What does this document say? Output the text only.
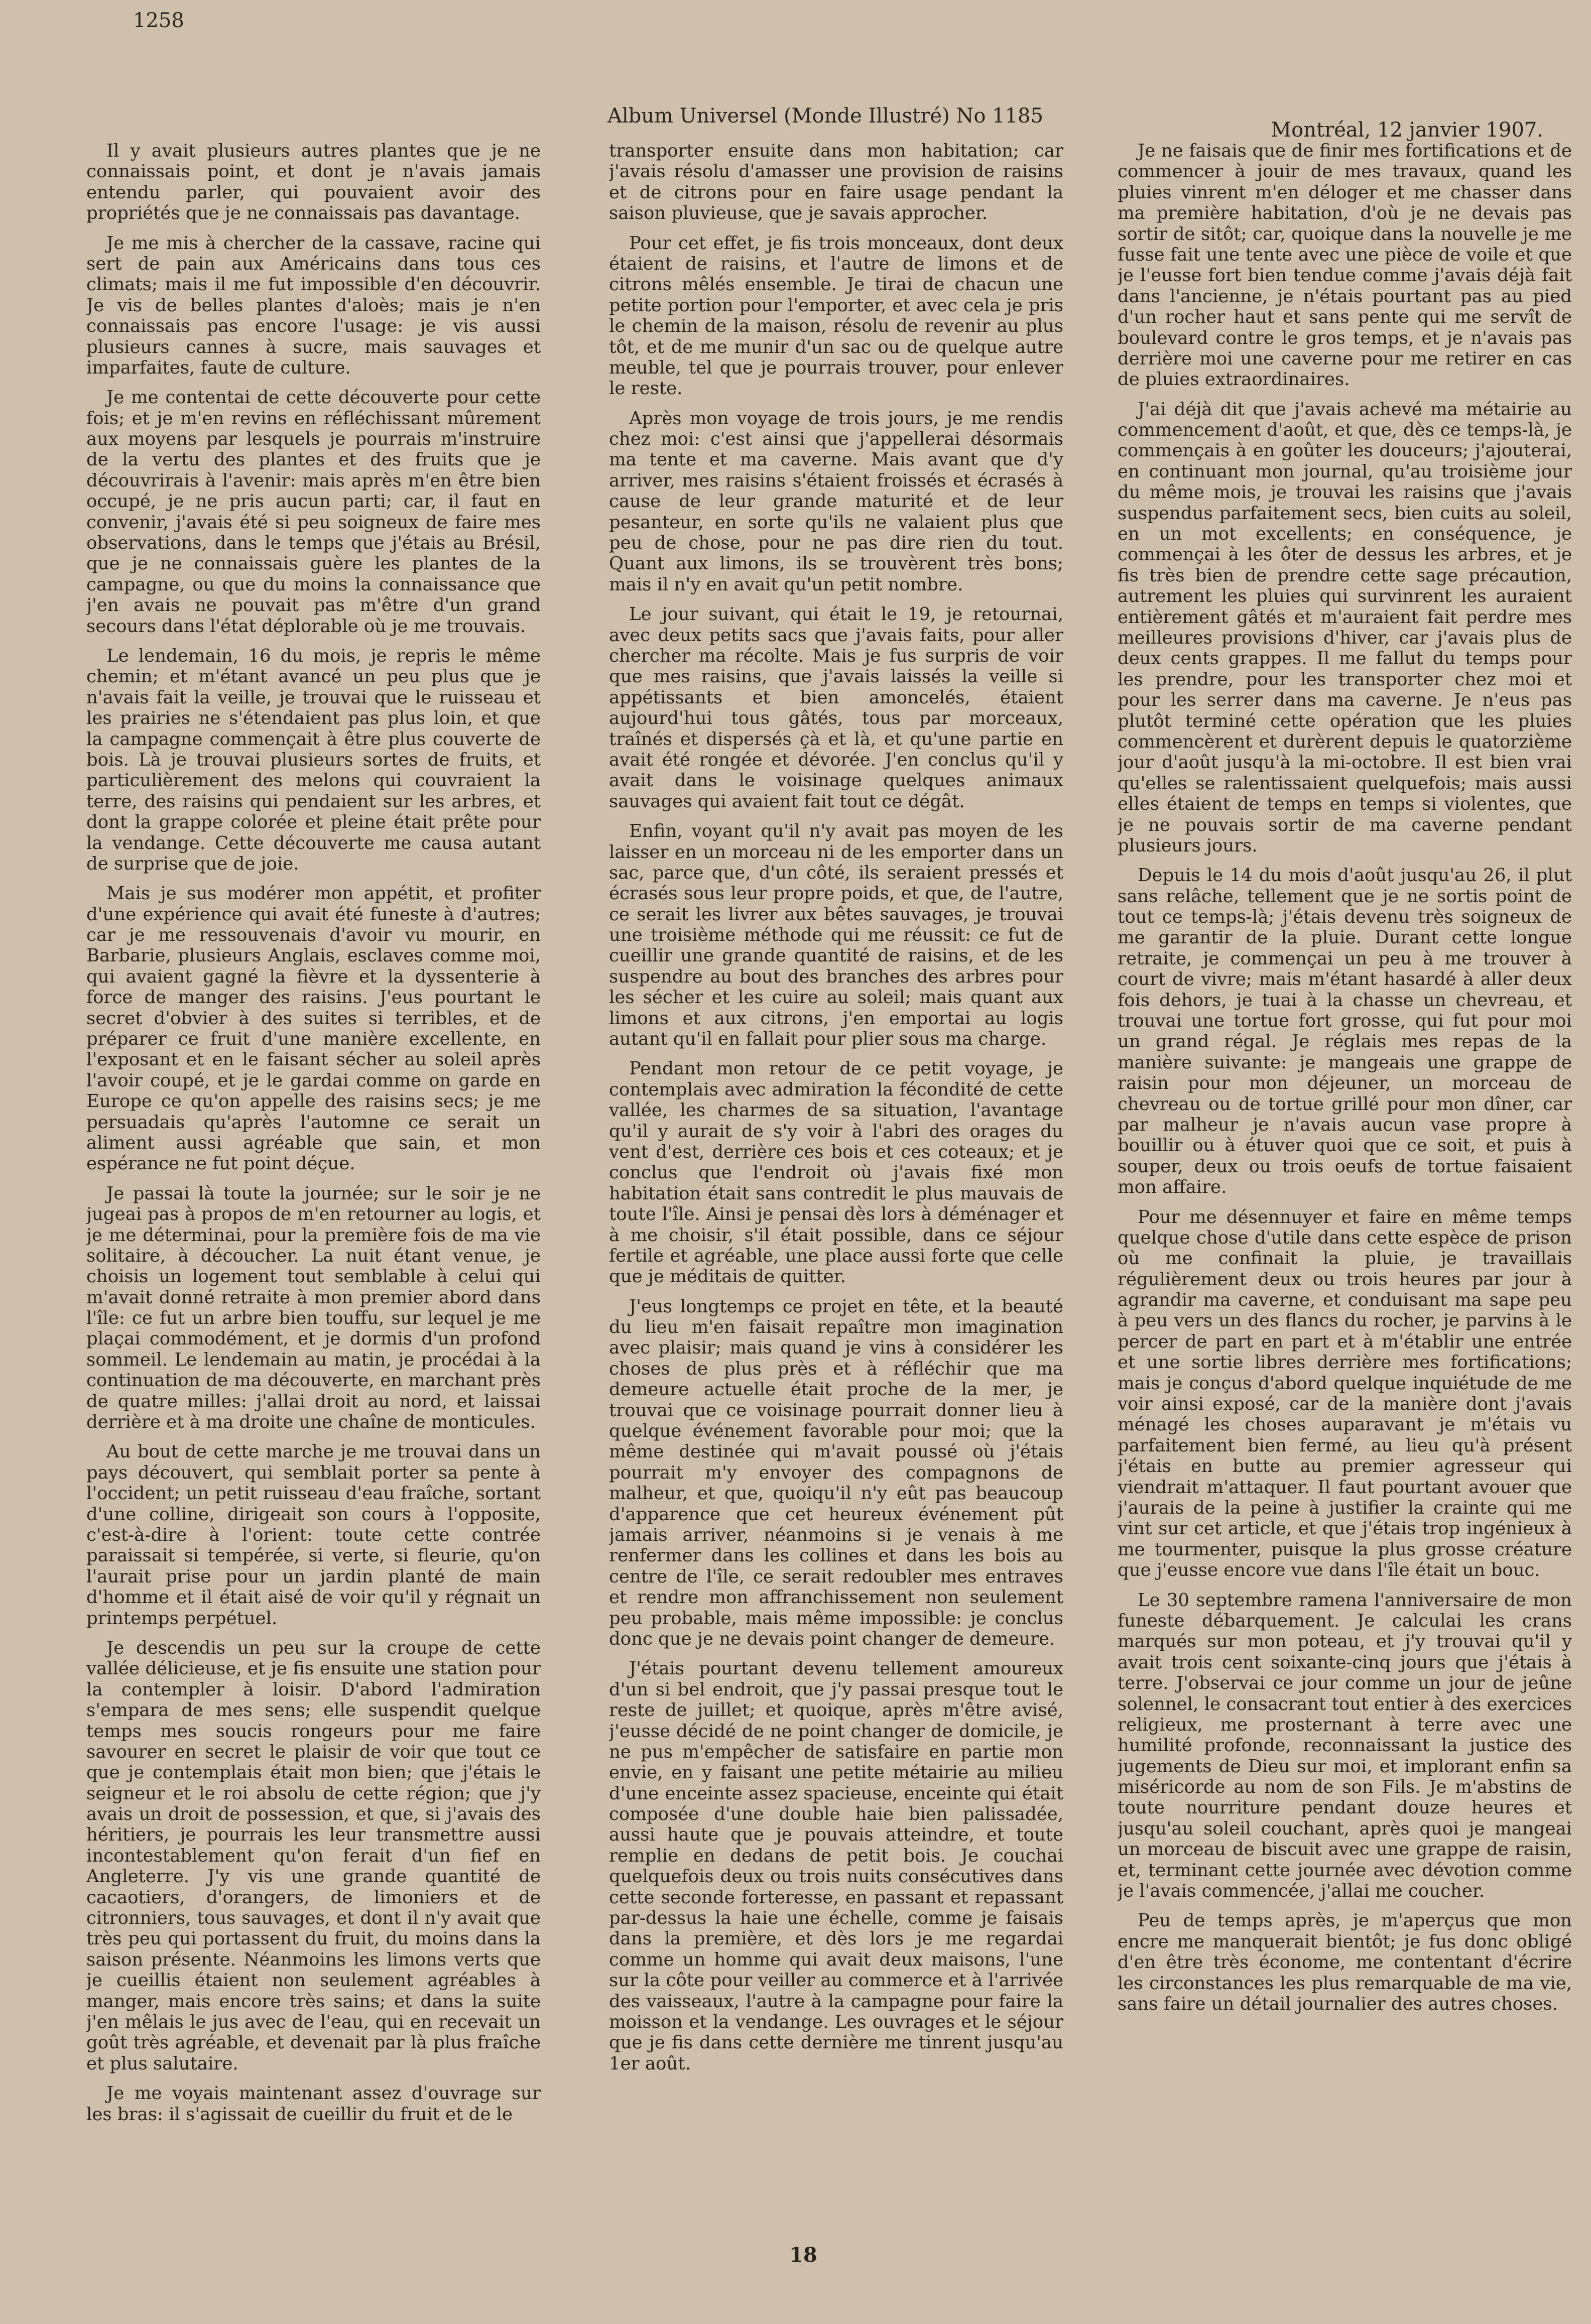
1258
Album Universel (Monde Illustré) No 1185
Montréal, 12 janvier 1907.

Il y avait plusieurs autres plantes que je ne connaissais point, et dont je n'avais jamais entendu parler, qui pouvaient avoir des propriétés que je ne connaissais pas davantage.

Je me mis à chercher de la cassave, racine qui sert de pain aux Américains dans tous ces climats; mais il me fut impossible d'en découvrir. Je vis de belles plantes d'aloès; mais je n'en connaissais pas encore l'usage: je vis aussi plusieurs cannes à sucre, mais sauvages et imparfaites, faute de culture.

Je me contentai de cette découverte pour cette fois; et je m'en revins en réfléchissant mûrement aux moyens par lesquels je pourrais m'instruire de la vertu des plantes et des fruits que je découvrirais à l'avenir: mais après m'en être bien occupé, je ne pris aucun parti; car, il faut en convenir, j'avais été si peu soigneux de faire mes observations, dans le temps que j'étais au Brésil, que je ne connaissais guère les plantes de la campagne, ou que du moins la connaissance que j'en avais ne pouvait pas m'être d'un grand secours dans l'état déplorable où je me trouvais.

Le lendemain, 16 du mois, je repris le même chemin; et m'étant avancé un peu plus que je n'avais fait la veille, je trouvai que le ruisseau et les prairies ne s'étendaient pas plus loin, et que la campagne commençait à être plus couverte de bois. Là je trouvai plusieurs sortes de fruits, et particulièrement des melons qui couvraient la terre, des raisins qui pendaient sur les arbres, et dont la grappe colorée et pleine était prête pour la vendange. Cette découverte me causa autant de surprise que de joie.

Mais je sus modérer mon appétit, et profiter d'une expérience qui avait été funeste à d'autres; car je me ressouvenais d'avoir vu mourir, en Barbarie, plusieurs Anglais, esclaves comme moi, qui avaient gagné la fièvre et la dyssenterie à force de manger des raisins. J'eus pourtant le secret d'obvier à des suites si terribles, et de préparer ce fruit d'une manière excellente, en l'exposant et en le faisant sécher au soleil après l'avoir coupé, et je le gardai comme on garde en Europe ce qu'on appelle des raisins secs; je me persuadais qu'après l'automne ce serait un aliment aussi agréable que sain, et mon espérance ne fut point déçue.

Je passai là toute la journée; sur le soir je ne jugeai pas à propos de m'en retourner au logis, et je me déterminai, pour la première fois de ma vie solitaire, à découcher. La nuit étant venue, je choisis un logement tout semblable à celui qui m'avait donné retraite à mon premier abord dans l'île: ce fut un arbre bien touffu, sur lequel je me plaçai commodément, et je dormis d'un profond sommeil. Le lendemain au matin, je procédai à la continuation de ma découverte, en marchant près de quatre milles: j'allai droit au nord, et laissai derrière et à ma droite une chaîne de monticules.

Au bout de cette marche je me trouvai dans un pays découvert, qui semblait porter sa pente à l'occident; un petit ruisseau d'eau fraîche, sortant d'une colline, dirigeait son cours à l'opposite, c'est-à-dire à l'orient: toute cette contrée paraissait si tempérée, si verte, si fleurie, qu'on l'aurait prise pour un jardin planté de main d'homme et il était aisé de voir qu'il y régnait un printemps perpétuel.

Je descendis un peu sur la croupe de cette vallée délicieuse, et je fis ensuite une station pour la contempler à loisir. D'abord l'admiration s'empara de mes sens; elle suspendit quelque temps mes soucis rongeurs pour me faire savourer en secret le plaisir de voir que tout ce que je contemplais était mon bien; que j'étais le seigneur et le roi absolu de cette région; que j'y avais un droit de possession, et que, si j'avais des héritiers, je pourrais les leur transmettre aussi incontestablement qu'on ferait d'un fief en Angleterre. J'y vis une grande quantité de cacaotiers, d'orangers, de limoniers et de citronniers, tous sauvages, et dont il n'y avait que très peu qui portassent du fruit, du moins dans la saison présente. Néanmoins les limons verts que je cueillis étaient non seulement agréables à manger, mais encore très sains; et dans la suite j'en mêlais le jus avec de l'eau, qui en recevait un goût très agréable, et devenait par là plus fraîche et plus salutaire.

Je me voyais maintenant assez d'ouvrage sur les bras: il s'agissait de cueillir du fruit et de le

transporter ensuite dans mon habitation; car j'avais résolu d'amasser une provision de raisins et de citrons pour en faire usage pendant la saison pluvieuse, que je savais approcher.

Pour cet effet, je fis trois monceaux, dont deux étaient de raisins, et l'autre de limons et de citrons mêlés ensemble. Je tirai de chacun une petite portion pour l'emporter, et avec cela je pris le chemin de la maison, résolu de revenir au plus tôt, et de me munir d'un sac ou de quelque autre meuble, tel que je pourrais trouver, pour enlever le reste.

Après mon voyage de trois jours, je me rendis chez moi: c'est ainsi que j'appellerai désormais ma tente et ma caverne. Mais avant que d'y arriver, mes raisins s'étaient froissés et écrasés à cause de leur grande maturité et de leur pesanteur, en sorte qu'ils ne valaient plus que peu de chose, pour ne pas dire rien du tout. Quant aux limons, ils se trouvèrent très bons; mais il n'y en avait qu'un petit nombre.

Le jour suivant, qui était le 19, je retournai, avec deux petits sacs que j'avais faits, pour aller chercher ma récolte. Mais je fus surpris de voir que mes raisins, que j'avais laissés la veille si appétissants et bien amoncelés, étaient aujourd'hui tous gâtés, tous par morceaux, traînés et dispersés çà et là, et qu'une partie en avait été rongée et dévorée. J'en conclus qu'il y avait dans le voisinage quelques animaux sauvages qui avaient fait tout ce dégât.

Enfin, voyant qu'il n'y avait pas moyen de les laisser en un morceau ni de les emporter dans un sac, parce que, d'un côté, ils seraient pressés et écrasés sous leur propre poids, et que, de l'autre, ce serait les livrer aux bêtes sauvages, je trouvai une troisième méthode qui me réussit: ce fut de cueillir une grande quantité de raisins, et de les suspendre au bout des branches des arbres pour les sécher et les cuire au soleil; mais quant aux limons et aux citrons, j'en emportai au logis autant qu'il en fallait pour plier sous ma charge.

Pendant mon retour de ce petit voyage, je contemplais avec admiration la fécondité de cette vallée, les charmes de sa situation, l'avantage qu'il y aurait de s'y voir à l'abri des orages du vent d'est, derrière ces bois et ces coteaux; et je conclus que l'endroit où j'avais fixé mon habitation était sans contredit le plus mauvais de toute l'île. Ainsi je pensai dès lors à déménager et à me choisir, s'il était possible, dans ce séjour fertile et agréable, une place aussi forte que celle que je méditais de quitter.

J'eus longtemps ce projet en tête, et la beauté du lieu m'en faisait repaître mon imagination avec plaisir; mais quand je vins à considérer les choses de plus près et à réfléchir que ma demeure actuelle était proche de la mer, je trouvai que ce voisinage pourrait donner lieu à quelque événement favorable pour moi; que la même destinée qui m'avait poussé où j'étais pourrait m'y envoyer des compagnons de malheur, et que, quoiqu'il n'y eût pas beaucoup d'apparence que cet heureux événement pût jamais arriver, néanmoins si je venais à me renfermer dans les collines et dans les bois au centre de l'île, ce serait redoubler mes entraves et rendre mon affranchissement non seulement peu probable, mais même impossible: je conclus donc que je ne devais point changer de demeure.

J'étais pourtant devenu tellement amoureux d'un si bel endroit, que j'y passai presque tout le reste de juillet; et quoique, après m'être avisé, j'eusse décidé de ne point changer de domicile, je ne pus m'empêcher de satisfaire en partie mon envie, en y faisant une petite métairie au milieu d'une enceinte assez spacieuse, enceinte qui était composée d'une double haie bien palissadée, aussi haute que je pouvais atteindre, et toute remplie en dedans de petit bois. Je couchai quelquefois deux ou trois nuits consécutives dans cette seconde forteresse, en passant et repassant par-dessus la haie une échelle, comme je faisais dans la première, et dès lors je me regardai comme un homme qui avait deux maisons, l'une sur la côte pour veiller au commerce et à l'arrivée des vaisseaux, l'autre à la campagne pour faire la moisson et la vendange. Les ouvrages et le séjour que je fis dans cette dernière me tinrent jusqu'au 1er août.

Je ne faisais que de finir mes fortifications et de commencer à jouir de mes travaux, quand les pluies vinrent m'en déloger et me chasser dans ma première habitation, d'où je ne devais pas sortir de sitôt; car, quoique dans la nouvelle je me fusse fait une tente avec une pièce de voile et que je l'eusse fort bien tendue comme j'avais déjà fait dans l'ancienne, je n'étais pourtant pas au pied d'un rocher haut et sans pente qui me servît de boulevard contre le gros temps, et je n'avais pas derrière moi une caverne pour me retirer en cas de pluies extraordinaires.

J'ai déjà dit que j'avais achevé ma métairie au commencement d'août, et que, dès ce temps-là, je commençais à en goûter les douceurs; j'ajouterai, en continuant mon journal, qu'au troisième jour du même mois, je trouvai les raisins que j'avais suspendus parfaitement secs, bien cuits au soleil, en un mot excellents; en conséquence, je commençai à les ôter de dessus les arbres, et je fis très bien de prendre cette sage précaution, autrement les pluies qui survinrent les auraient entièrement gâtés et m'auraient fait perdre mes meilleures provisions d'hiver, car j'avais plus de deux cents grappes. Il me fallut du temps pour les prendre, pour les transporter chez moi et pour les serrer dans ma caverne. Je n'eus pas plutôt terminé cette opération que les pluies commencèrent et durèrent depuis le quatorzième jour d'août jusqu'à la mi-octobre. Il est bien vrai qu'elles se ralentissaient quelquefois; mais aussi elles étaient de temps en temps si violentes, que je ne pouvais sortir de ma caverne pendant plusieurs jours.

Depuis le 14 du mois d'août jusqu'au 26, il plut sans relâche, tellement que je ne sortis point de tout ce temps-là; j'étais devenu très soigneux de me garantir de la pluie. Durant cette longue retraite, je commençai un peu à me trouver à court de vivre; mais m'étant hasardé à aller deux fois dehors, je tuai à la chasse un chevreau, et trouvai une tortue fort grosse, qui fut pour moi un grand régal. Je réglais mes repas de la manière suivante: je mangeais une grappe de raisin pour mon déjeuner, un morceau de chevreau ou de tortue grillé pour mon dîner, car par malheur je n'avais aucun vase propre à bouillir ou à étuver quoi que ce soit, et puis à souper, deux ou trois oeufs de tortue faisaient mon affaire.

Pour me désennuyer et faire en même temps quelque chose d'utile dans cette espèce de prison où me confinait la pluie, je travaillais régulièrement deux ou trois heures par jour à agrandir ma caverne, et conduisant ma sape peu à peu vers un des flancs du rocher, je parvins à le percer de part en part et à m'établir une entrée et une sortie libres derrière mes fortifications; mais je conçus d'abord quelque inquiétude de me voir ainsi exposé, car de la manière dont j'avais ménagé les choses auparavant je m'étais vu parfaitement bien fermé, au lieu qu'à présent j'étais en butte au premier agresseur qui viendrait m'attaquer. Il faut pourtant avouer que j'aurais de la peine à justifier la crainte qui me vint sur cet article, et que j'étais trop ingénieux à me tourmenter, puisque la plus grosse créature que j'eusse encore vue dans l'île était un bouc.

Le 30 septembre ramena l'anniversaire de mon funeste débarquement. Je calculai les crans marqués sur mon poteau, et j'y trouvai qu'il y avait trois cent soixante-cinq jours que j'étais à terre. J'observai ce jour comme un jour de jeûne solennel, le consacrant tout entier à des exercices religieux, me prosternant à terre avec une humilité profonde, reconnaissant la justice des jugements de Dieu sur moi, et implorant enfin sa miséricorde au nom de son Fils. Je m'abstins de toute nourriture pendant douze heures et jusqu'au soleil couchant, après quoi je mangeai un morceau de biscuit avec une grappe de raisin, et, terminant cette journée avec dévotion comme je l'avais commencée, j'allai me coucher.

Peu de temps après, je m'aperçus que mon encre me manquerait bientôt; je fus donc obligé d'en être très économe, me contentant d'écrire les circonstances les plus remarquable de ma vie, sans faire un détail journalier des autres choses.

18
